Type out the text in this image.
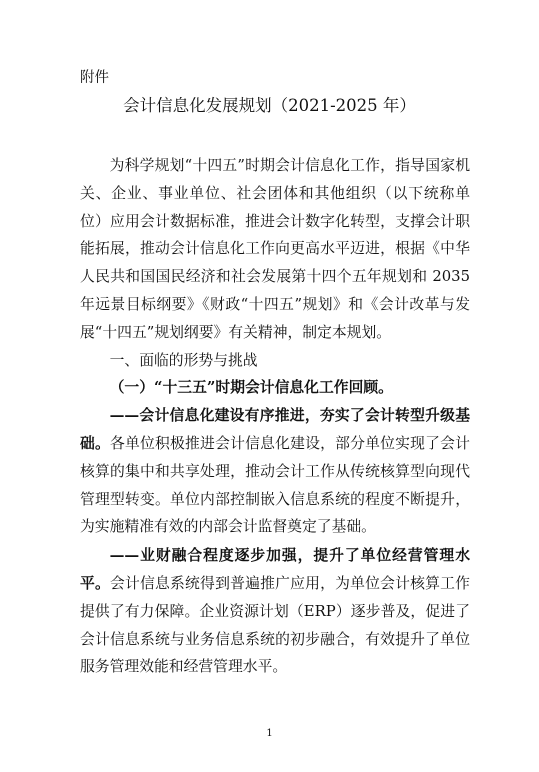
附件
会计信息化发展规划（2021-2025 年）

为科学规划“十四五”时期会计信息化工作，指导国家机关、企业、事业单位、社会团体和其他组织（以下统称单位）应用会计数据标准，推进会计数字化转型，支撑会计职能拓展，推动会计信息化工作向更高水平迈进，根据《中华人民共和国国民经济和社会发展第十四个五年规划和 2035 年远景目标纲要》《财政“十四五”规划》和《会计改革与发展“十四五”规划纲要》有关精神，制定本规划。

一、面临的形势与挑战

（一）“十三五”时期会计信息化工作回顾。

——会计信息化建设有序推进，夯实了会计转型升级基础。各单位积极推进会计信息化建设，部分单位实现了会计核算的集中和共享处理，推动会计工作从传统核算型向现代管理型转变。单位内部控制嵌入信息系统的程度不断提升，为实施精准有效的内部会计监督奠定了基础。

——业财融合程度逐步加强，提升了单位经营管理水平。会计信息系统得到普遍推广应用，为单位会计核算工作提供了有力保障。企业资源计划（ERP）逐步普及，促进了会计信息系统与业务信息系统的初步融合，有效提升了单位服务管理效能和经营管理水平。

1
